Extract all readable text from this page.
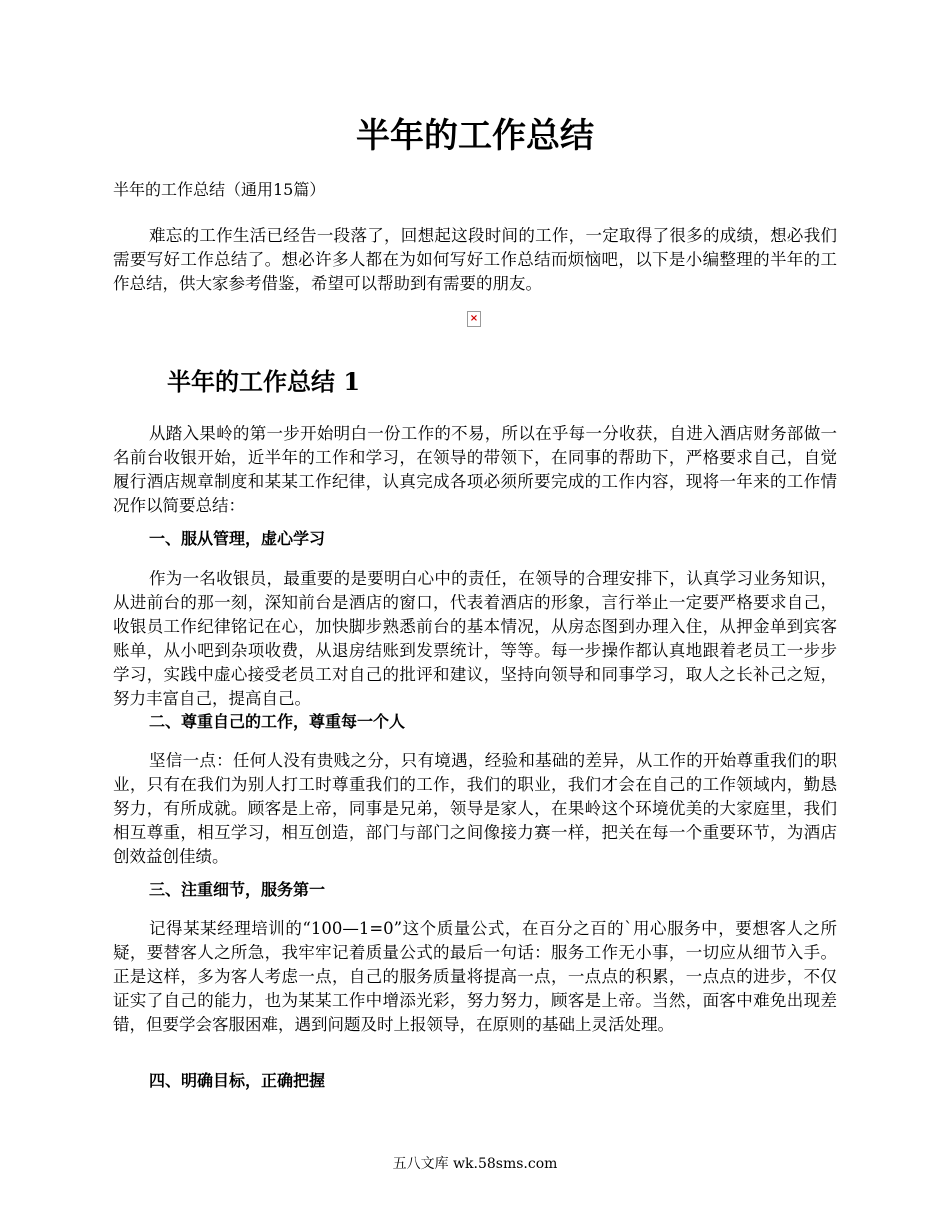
半年的工作总结

半年的工作总结（通用15篇）

难忘的工作生活已经告一段落了，回想起这段时间的工作，一定取得了很多的成绩，想必我们需要写好工作总结了。想必许多人都在为如何写好工作总结而烦恼吧，以下是小编整理的半年的工作总结，供大家参考借鉴，希望可以帮助到有需要的朋友。

×
半年的工作总结 1

从踏入果岭的第一步开始明白一份工作的不易，所以在乎每一分收获，自进入酒店财务部做一名前台收银开始，近半年的工作和学习，在领导的带领下，在同事的帮助下，严格要求自己，自觉履行酒店规章制度和某某工作纪律，认真完成各项必须所要完成的工作内容，现将一年来的工作情况作以简要总结：

一、服从管理，虚心学习

作为一名收银员，最重要的是要明白心中的责任，在领导的合理安排下，认真学习业务知识，从进前台的那一刻，深知前台是酒店的窗口，代表着酒店的形象，言行举止一定要严格要求自己，收银员工作纪律铭记在心，加快脚步熟悉前台的基本情况，从房态图到办理入住，从押金单到宾客账单，从小吧到杂项收费，从退房结账到发票统计，等等。每一步操作都认真地跟着老员工一步步学习，实践中虚心接受老员工对自己的批评和建议，坚持向领导和同事学习，取人之长补己之短，努力丰富自己，提高自己。

二、尊重自己的工作，尊重每一个人

坚信一点：任何人没有贵贱之分，只有境遇，经验和基础的差异，从工作的开始尊重我们的职业，只有在我们为别人打工时尊重我们的工作，我们的职业，我们才会在自己的工作领域内，勤恳努力，有所成就。顾客是上帝，同事是兄弟，领导是家人，在果岭这个环境优美的大家庭里，我们相互尊重，相互学习，相互创造，部门与部门之间像接力赛一样，把关在每一个重要环节，为酒店创效益创佳绩。

三、注重细节，服务第一

记得某某经理培训的“100—1=0”这个质量公式，在百分之百的`用心服务中，要想客人之所疑，要替客人之所急，我牢牢记着质量公式的最后一句话：服务工作无小事，一切应从细节入手。正是这样，多为客人考虑一点，自己的服务质量将提高一点，一点点的积累，一点点的进步，不仅证实了自己的能力，也为某某工作中增添光彩，努力努力，顾客是上帝。当然，面客中难免出现差错，但要学会客服困难，遇到问题及时上报领导，在原则的基础上灵活处理。

四、明确目标，正确把握

五八文库 wk.58sms.com
